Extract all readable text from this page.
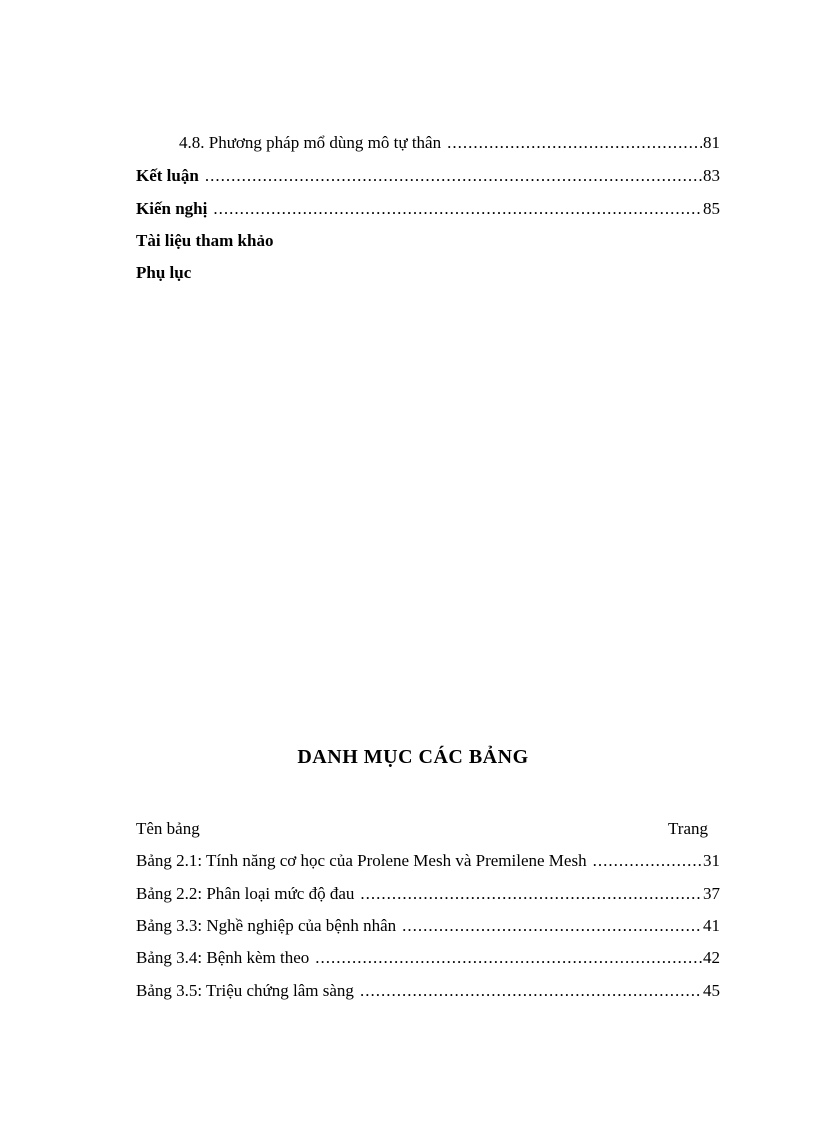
4.8. Phương pháp mổ dùng mô tự thân .....	81
Kết luận .....	83
Kiến nghị .....	85
Tài liệu tham khảo
Phụ lục
DANH MỤC CÁC BẢNG
Tên bảng	Trang
Bảng 2.1: Tính năng cơ học của Prolene Mesh và Premilene Mesh .....	31
Bảng 2.2: Phân loại mức độ đau .....	37
Bảng 3.3: Nghề nghiệp của bệnh nhân .....	41
Bảng 3.4: Bệnh kèm theo .....	42
Bảng 3.5: Triệu chứng lâm sàng .....	45
